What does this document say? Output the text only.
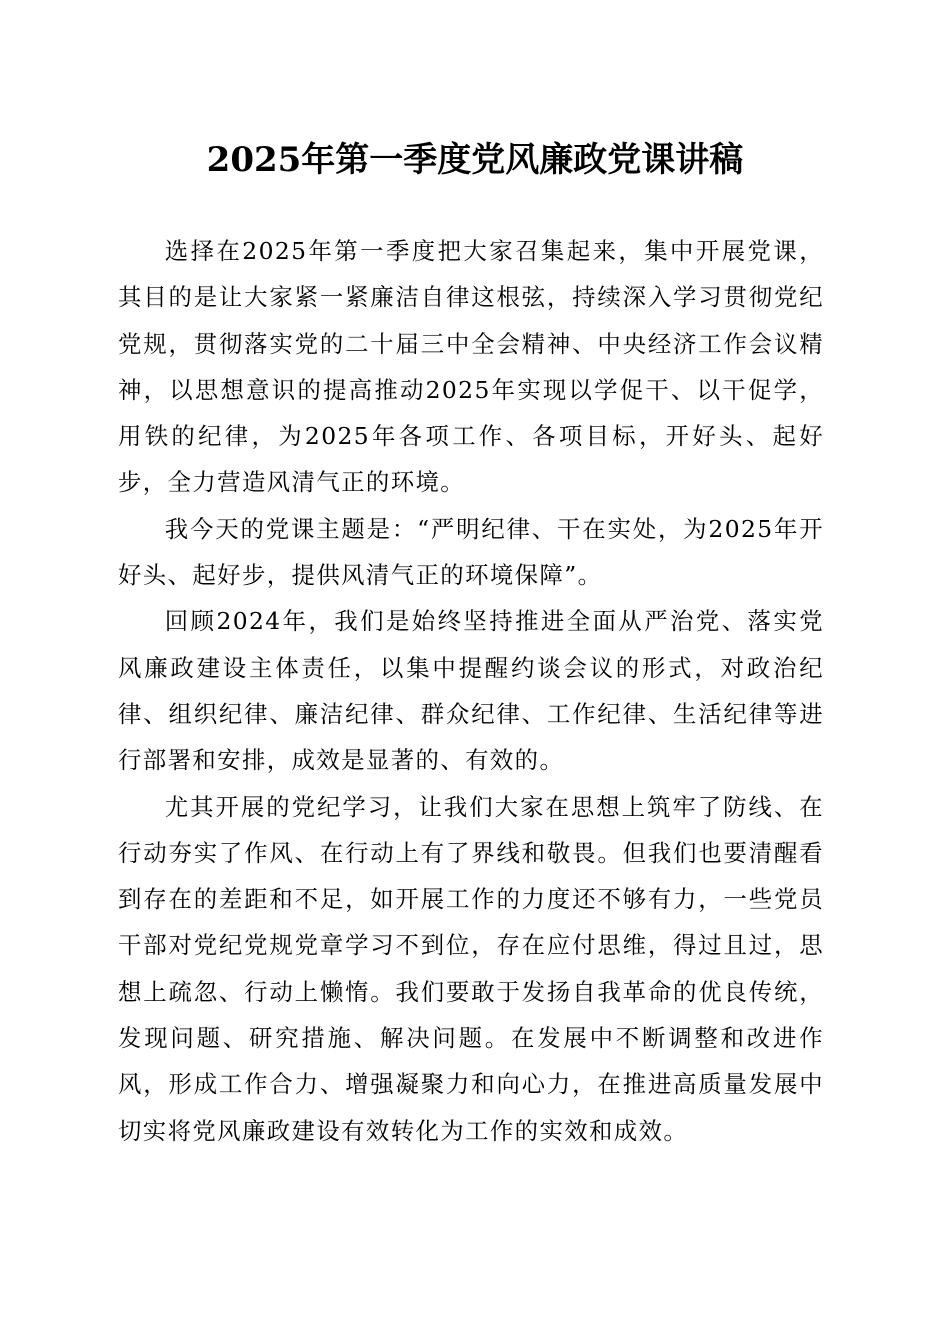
2025年第一季度党风廉政党课讲稿

选择在2025年第一季度把大家召集起来，集中开展党课，其目的是让大家紧一紧廉洁自律这根弦，持续深入学习贯彻党纪党规，贯彻落实党的二十届三中全会精神、中央经济工作会议精神，以思想意识的提高推动2025年实现以学促干、以干促学，用铁的纪律，为2025年各项工作、各项目标，开好头、起好步，全力营造风清气正的环境。

我今天的党课主题是：“严明纪律、干在实处，为2025年开好头、起好步，提供风清气正的环境保障”。

回顾2024年，我们是始终坚持推进全面从严治党、落实党风廉政建设主体责任，以集中提醒约谈会议的形式，对政治纪律、组织纪律、廉洁纪律、群众纪律、工作纪律、生活纪律等进行部署和安排，成效是显著的、有效的。

尤其开展的党纪学习，让我们大家在思想上筑牢了防线、在行动夯实了作风、在行动上有了界线和敬畏。但我们也要清醒看到存在的差距和不足，如开展工作的力度还不够有力，一些党员干部对党纪党规党章学习不到位，存在应付思维，得过且过，思想上疏忽、行动上懒惰。我们要敢于发扬自我革命的优良传统，发现问题、研究措施、解决问题。在发展中不断调整和改进作风，形成工作合力、增强凝聚力和向心力，在推进高质量发展中切实将党风廉政建设有效转化为工作的实效和成效。
